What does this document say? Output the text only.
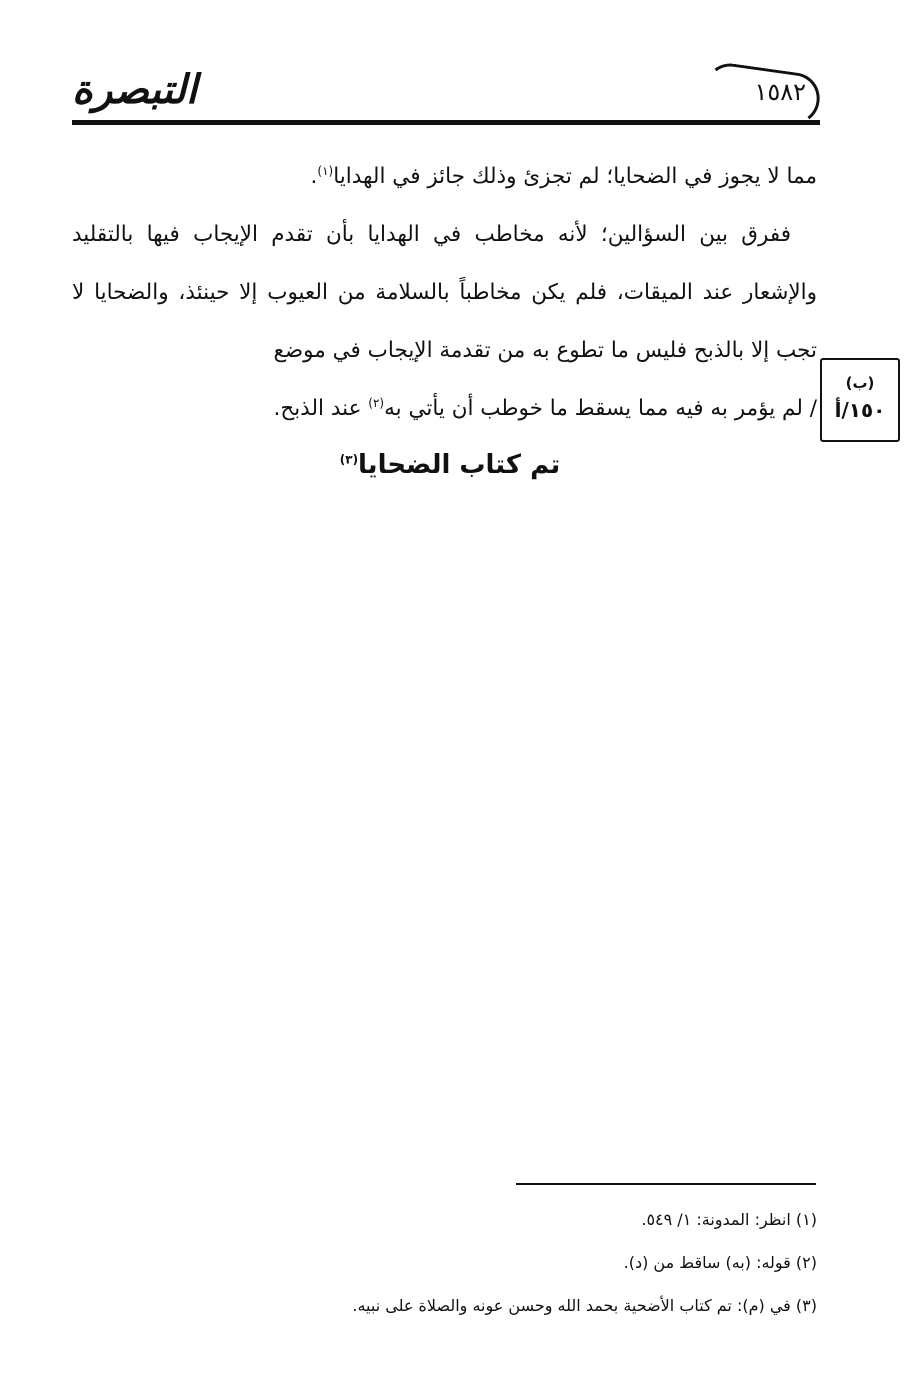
التبصرة	١٥٨٢

مما لا يجوز في الضحايا؛ لم تجزئ وذلك جائز في الهدايا$^{(١)}$.

ففرق بين السؤالين؛ لأنه مخاطب في الهدايا بأن تقدم الإيجاب فيها بالتقليد والإشعار عند الميقات، فلم يكن مخاطباً بالسلامة من العيوب إلا حينئذ، والضحايا لا تجب إلا بالذبح فليس ما تطوع به من تقدمة الإيجاب في موضع

/ لم يؤمر به فيه مما يسقط ما خوطب أن يأتي به$^{(٢)}$ عند الذبح.

(ب)
١٥٠/أ
تم كتاب الضحايا$^{(٣)}$
(١) انظر: المدونة: ١/ ٥٤٩.
(٢) قوله: (به) ساقط من (د).
(٣) في (م): تم كتاب الأضحية بحمد الله وحسن عونه والصلاة على نبيه.
